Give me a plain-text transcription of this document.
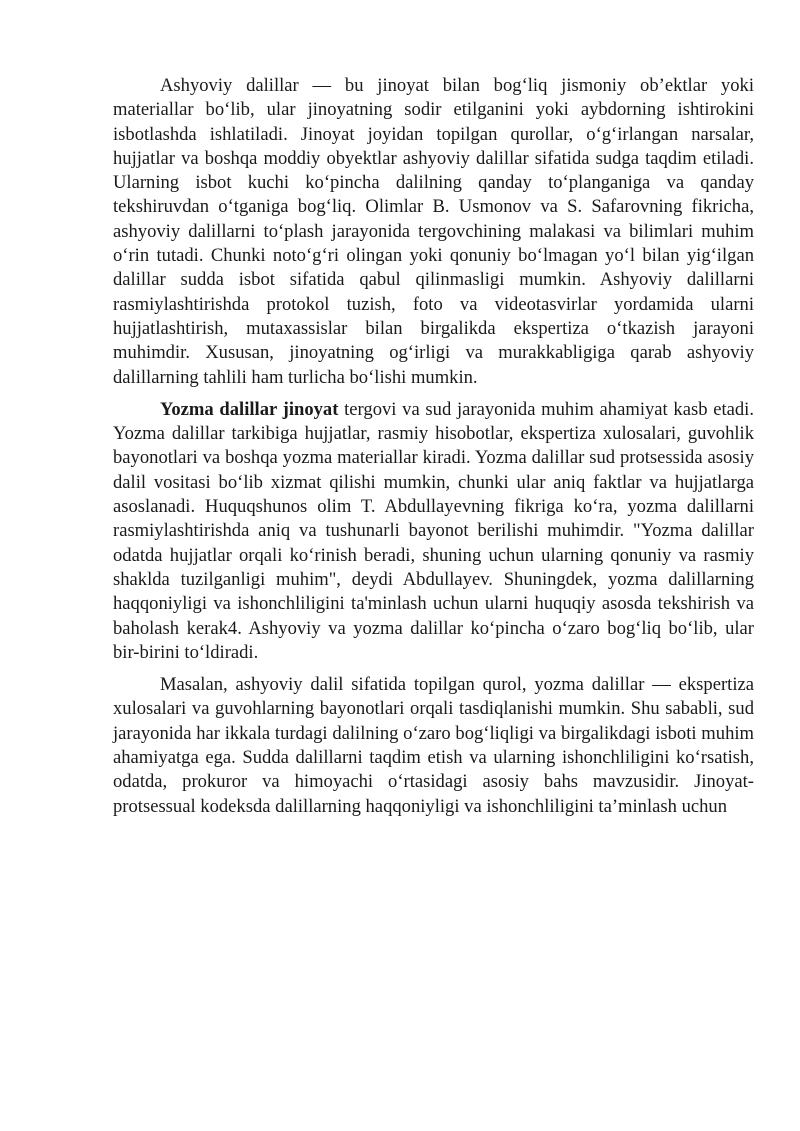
Ashyoviy dalillar — bu jinoyat bilan bog‘liq jismoniy ob’ektlar yoki materiallar bo‘lib, ular jinoyatning sodir etilganini yoki aybdorning ishtirokini isbotlashda ishlatiladi. Jinoyat joyidan topilgan qurollar, o‘g‘irlangan narsalar, hujjatlar va boshqa moddiy obyektlar ashyoviy dalillar sifatida sudga taqdim etiladi. Ularning isbot kuchi ko‘pincha dalilning qanday to‘planganiga va qanday tekshiruvdan o‘tganiga bog‘liq. Olimlar B. Usmonov va S. Safarovning fikricha, ashyoviy dalillarni to‘plash jarayonida tergovchining malakasi va bilimlari muhim o‘rin tutadi. Chunki noto‘g‘ri olingan yoki qonuniy bo‘lmagan yo‘l bilan yig‘ilgan dalillar sudda isbot sifatida qabul qilinmasligi mumkin. Ashyoviy dalillarni rasmiylashtirishda protokol tuzish, foto va videotasvirlar yordamida ularni hujjatlashtirish, mutaxassislar bilan birgalikda ekspertiza o‘tkazish jarayoni muhimdir. Xususan, jinoyatning og‘irligi va murakkabligiga qarab ashyoviy dalillarning tahlili ham turlicha bo‘lishi mumkin.

Yozma dalillar jinoyat tergovi va sud jarayonida muhim ahamiyat kasb etadi. Yozma dalillar tarkibiga hujjatlar, rasmiy hisobotlar, ekspertiza xulosalari, guvohlik bayonotlari va boshqa yozma materiallar kiradi. Yozma dalillar sud protsessida asosiy dalil vositasi bo‘lib xizmat qilishi mumkin, chunki ular aniq faktlar va hujjatlarga asoslanadi. Huquqshunos olim T. Abdullayevning fikriga ko‘ra, yozma dalillarni rasmiylashtirishda aniq va tushunarli bayonot berilishi muhimdir. "Yozma dalillar odatda hujjatlar orqali ko‘rinish beradi, shuning uchun ularning qonuniy va rasmiy shaklda tuzilganligi muhim", deydi Abdullayev. Shuningdek, yozma dalillarning haqqoniyligi va ishonchliligini ta'minlash uchun ularni huquqiy asosda tekshirish va baholash kerak4. Ashyoviy va yozma dalillar ko‘pincha o‘zaro bog‘liq bo‘lib, ular bir-birini to‘ldiradi.

Masalan, ashyoviy dalil sifatida topilgan qurol, yozma dalillar — ekspertiza xulosalari va guvohlarning bayonotlari orqali tasdiqlanishi mumkin. Shu sababli, sud jarayonida har ikkala turdagi dalilning o‘zaro bog‘liqligi va birgalikdagi isboti muhim ahamiyatga ega. Sudda dalillarni taqdim etish va ularning ishonchliligini ko‘rsatish, odatda, prokuror va himoyachi o‘rtasidagi asosiy bahs mavzusidir. Jinoyat-protsessual kodeksda dalillarning haqqoniyligi va ishonchliligini ta’minlash uchun
